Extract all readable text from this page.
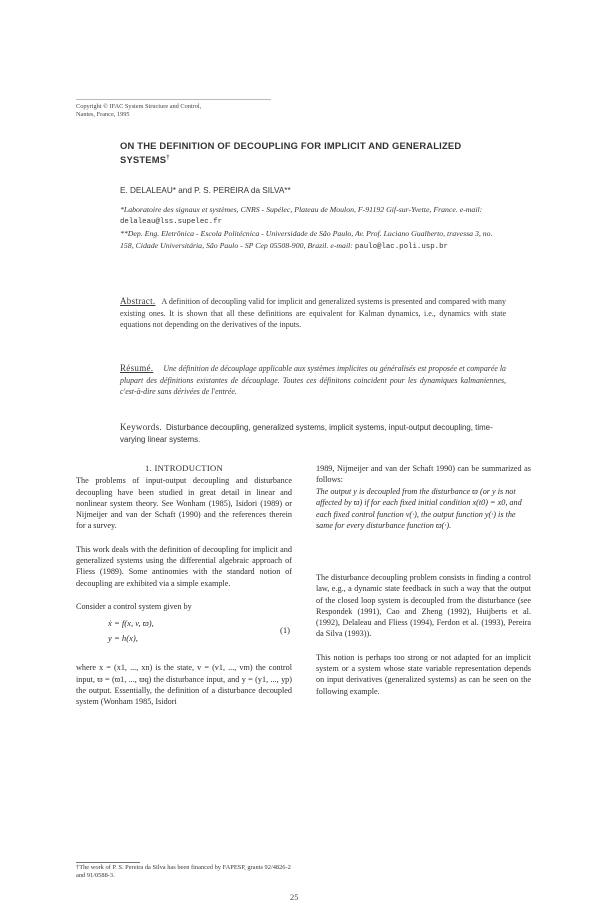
Copyright © IFAC System Structure and Control,
Nantes, France, 1995
ON THE DEFINITION OF DECOUPLING FOR IMPLICIT AND GENERALIZED SYSTEMS†
E. DELALEAU* and P. S. PEREIRA da SILVA**
*Laboratoire des signaux et systèmes, CNRS - Supélec, Plateau de Moulon, F-91192 Gif-sur-Yvette, France. e-mail: delaleau@lss.supelec.fr
**Dep. Eng. Eletrônica - Escola Politécnica - Universidade de São Paulo, Av. Prof. Luciano Gualberto, travessa 3, no. 158, Cidade Universitária, São Paulo - SP Cep 05508-900, Brazil. e-mail: paulo@lac.poli.usp.br
Abstract. A definition of decoupling valid for implicit and generalized systems is presented and compared with many existing ones. It is shown that all these definitions are equivalent for Kalman dynamics, i.e., dynamics with state equations not depending on the derivatives of the inputs.
Résumé. Une définition de découplage applicable aux systèmes implicites ou généralisés est proposée et comparée la plupart des définitions existantes de découplage. Toutes ces définitons coincident pour les dynamiques kalmaniennes, c'est-à-dire sans dérivées de l'entrée.
Keywords. Disturbance decoupling, generalized systems, implicit systems, input-output decoupling, time-varying linear systems.
1. INTRODUCTION

The problems of input-output decoupling and disturbance decoupling have been studied in great detail in linear and nonlinear system theory. See Wonham (1985), Isidori (1989) or Nijmeijer and van der Schaft (1990) and the references therein for a survey.

This work deals with the definition of decoupling for implicit and generalized systems using the differential algebraic approach of Fliess (1989). Some antinomies with the standard notion of decoupling are exhibited via a simple example.

Consider a control system given by

ẋ = f(x, v, ϖ),
y = h(x),
(1)

where x = (x1, ..., xn) is the state, v = (v1, ..., vm) the control input, ϖ = (ϖ1, ..., ϖq) the disturbance input, and y = (y1, ..., yp) the output. Essentially, the definition of a disturbance decoupled system (Wonham 1985, Isidori

1989, Nijmeijer and van der Schaft 1990) can be summarized as follows:

The output y is decoupled from the disturbance ϖ (or y is not affected by ϖ) if for each fixed initial condition x(t0) = x0, and each fixed control function v(·), the output function y(·) is the same for every disturbance function ϖ(·).

The disturbance decoupling problem consists in finding a control law, e.g., a dynamic state feedback in such a way that the output of the closed loop system is decoupled from the disturbance (see Respondek (1991), Cao and Zheng (1992), Huijberts et al. (1992), Delaleau and Fliess (1994), Ferdon et al. (1993), Pereira da Silva (1993)).

This notion is perhaps too strong or not adapted for an implicit system or a system whose state variable representation depends on input derivatives (generalized systems) as can be seen on the following example.

†The work of P. S. Pereira da Silva has been financed by FAPESP, grants 92/4826-2 and 91/0588-3.
25
